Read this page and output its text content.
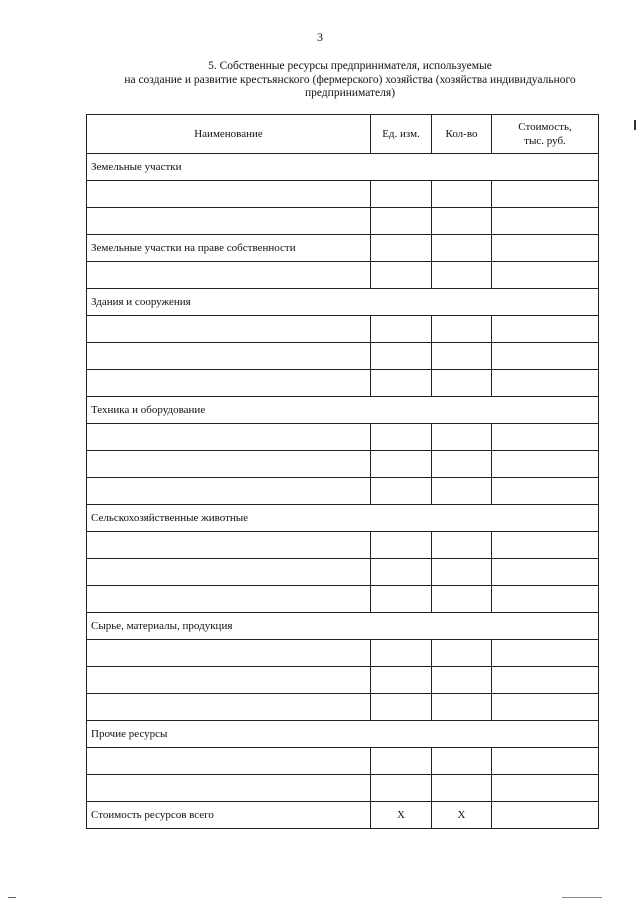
3
5. Собственные ресурсы предпринимателя, используемые
на создание и развитие крестьянского (фермерского) хозяйства (хозяйства индивидуального
предпринимателя)
Наименование	Ед. изм.	Кол-во	Стоимость,
тыс. руб.

Земельные участки			

Земельные участки на праве собственности			

Здания и сооружения			

Техника и оборудование			

Сельскохозяйственные животные			

Сырье, материалы, продукция			

Прочие ресурсы			

Стоимость ресурсов всего	Х	Х	
